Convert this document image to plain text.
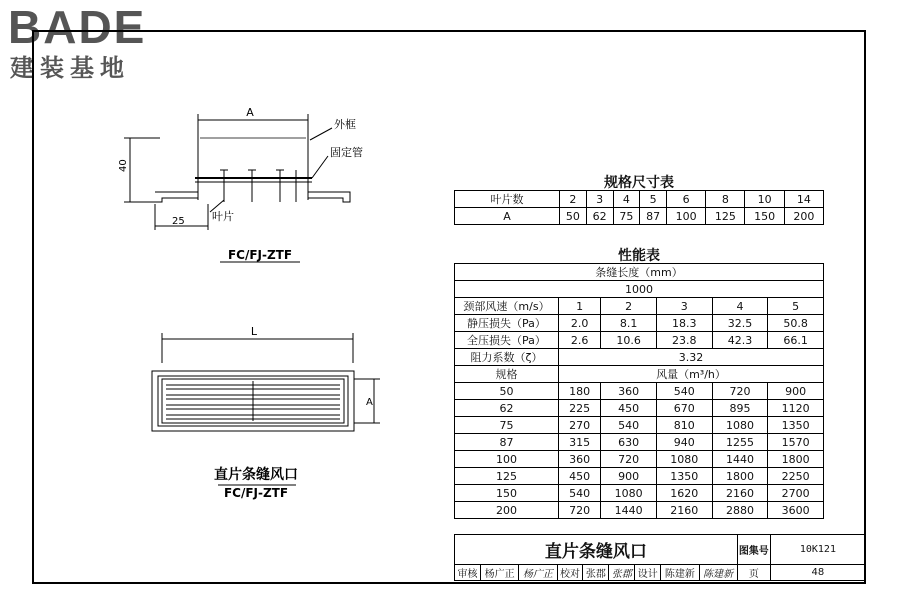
BADE
建装基地
A
40
25
外框
固定管
叶片
FC/FJ-ZTF
L
A
直片条缝风口
FC/FJ-ZTF
规格尺寸表
叶片数	2	3	4	5	6	8	10	14
A	50	62	75	87	100	125	150	200
性能表
条缝长度（mm）					
1000					
颈部风速（m/s）	1	2	3	4	5
静压损失（Pa）	2.0	8.1	18.3	32.5	50.8
全压损失（Pa）	2.6	10.6	23.8	42.3	66.1
阻力系数（ζ）	3.32				
规格	风量（m³/h）				
50	180	360	540	720	900
62	225	450	670	895	1120
75	270	540	810	1080	1350
87	315	630	940	1255	1570
100	360	720	1080	1440	1800
125	450	900	1350	1800	2250
150	540	1080	1620	2160	2700
200	720	1440	2160	2880	3600
直片条缝风口									图集号	10K121
审核	杨广正	杨广正	校对	张郡	张郡	设计	陈建新	陈建新	页	48
